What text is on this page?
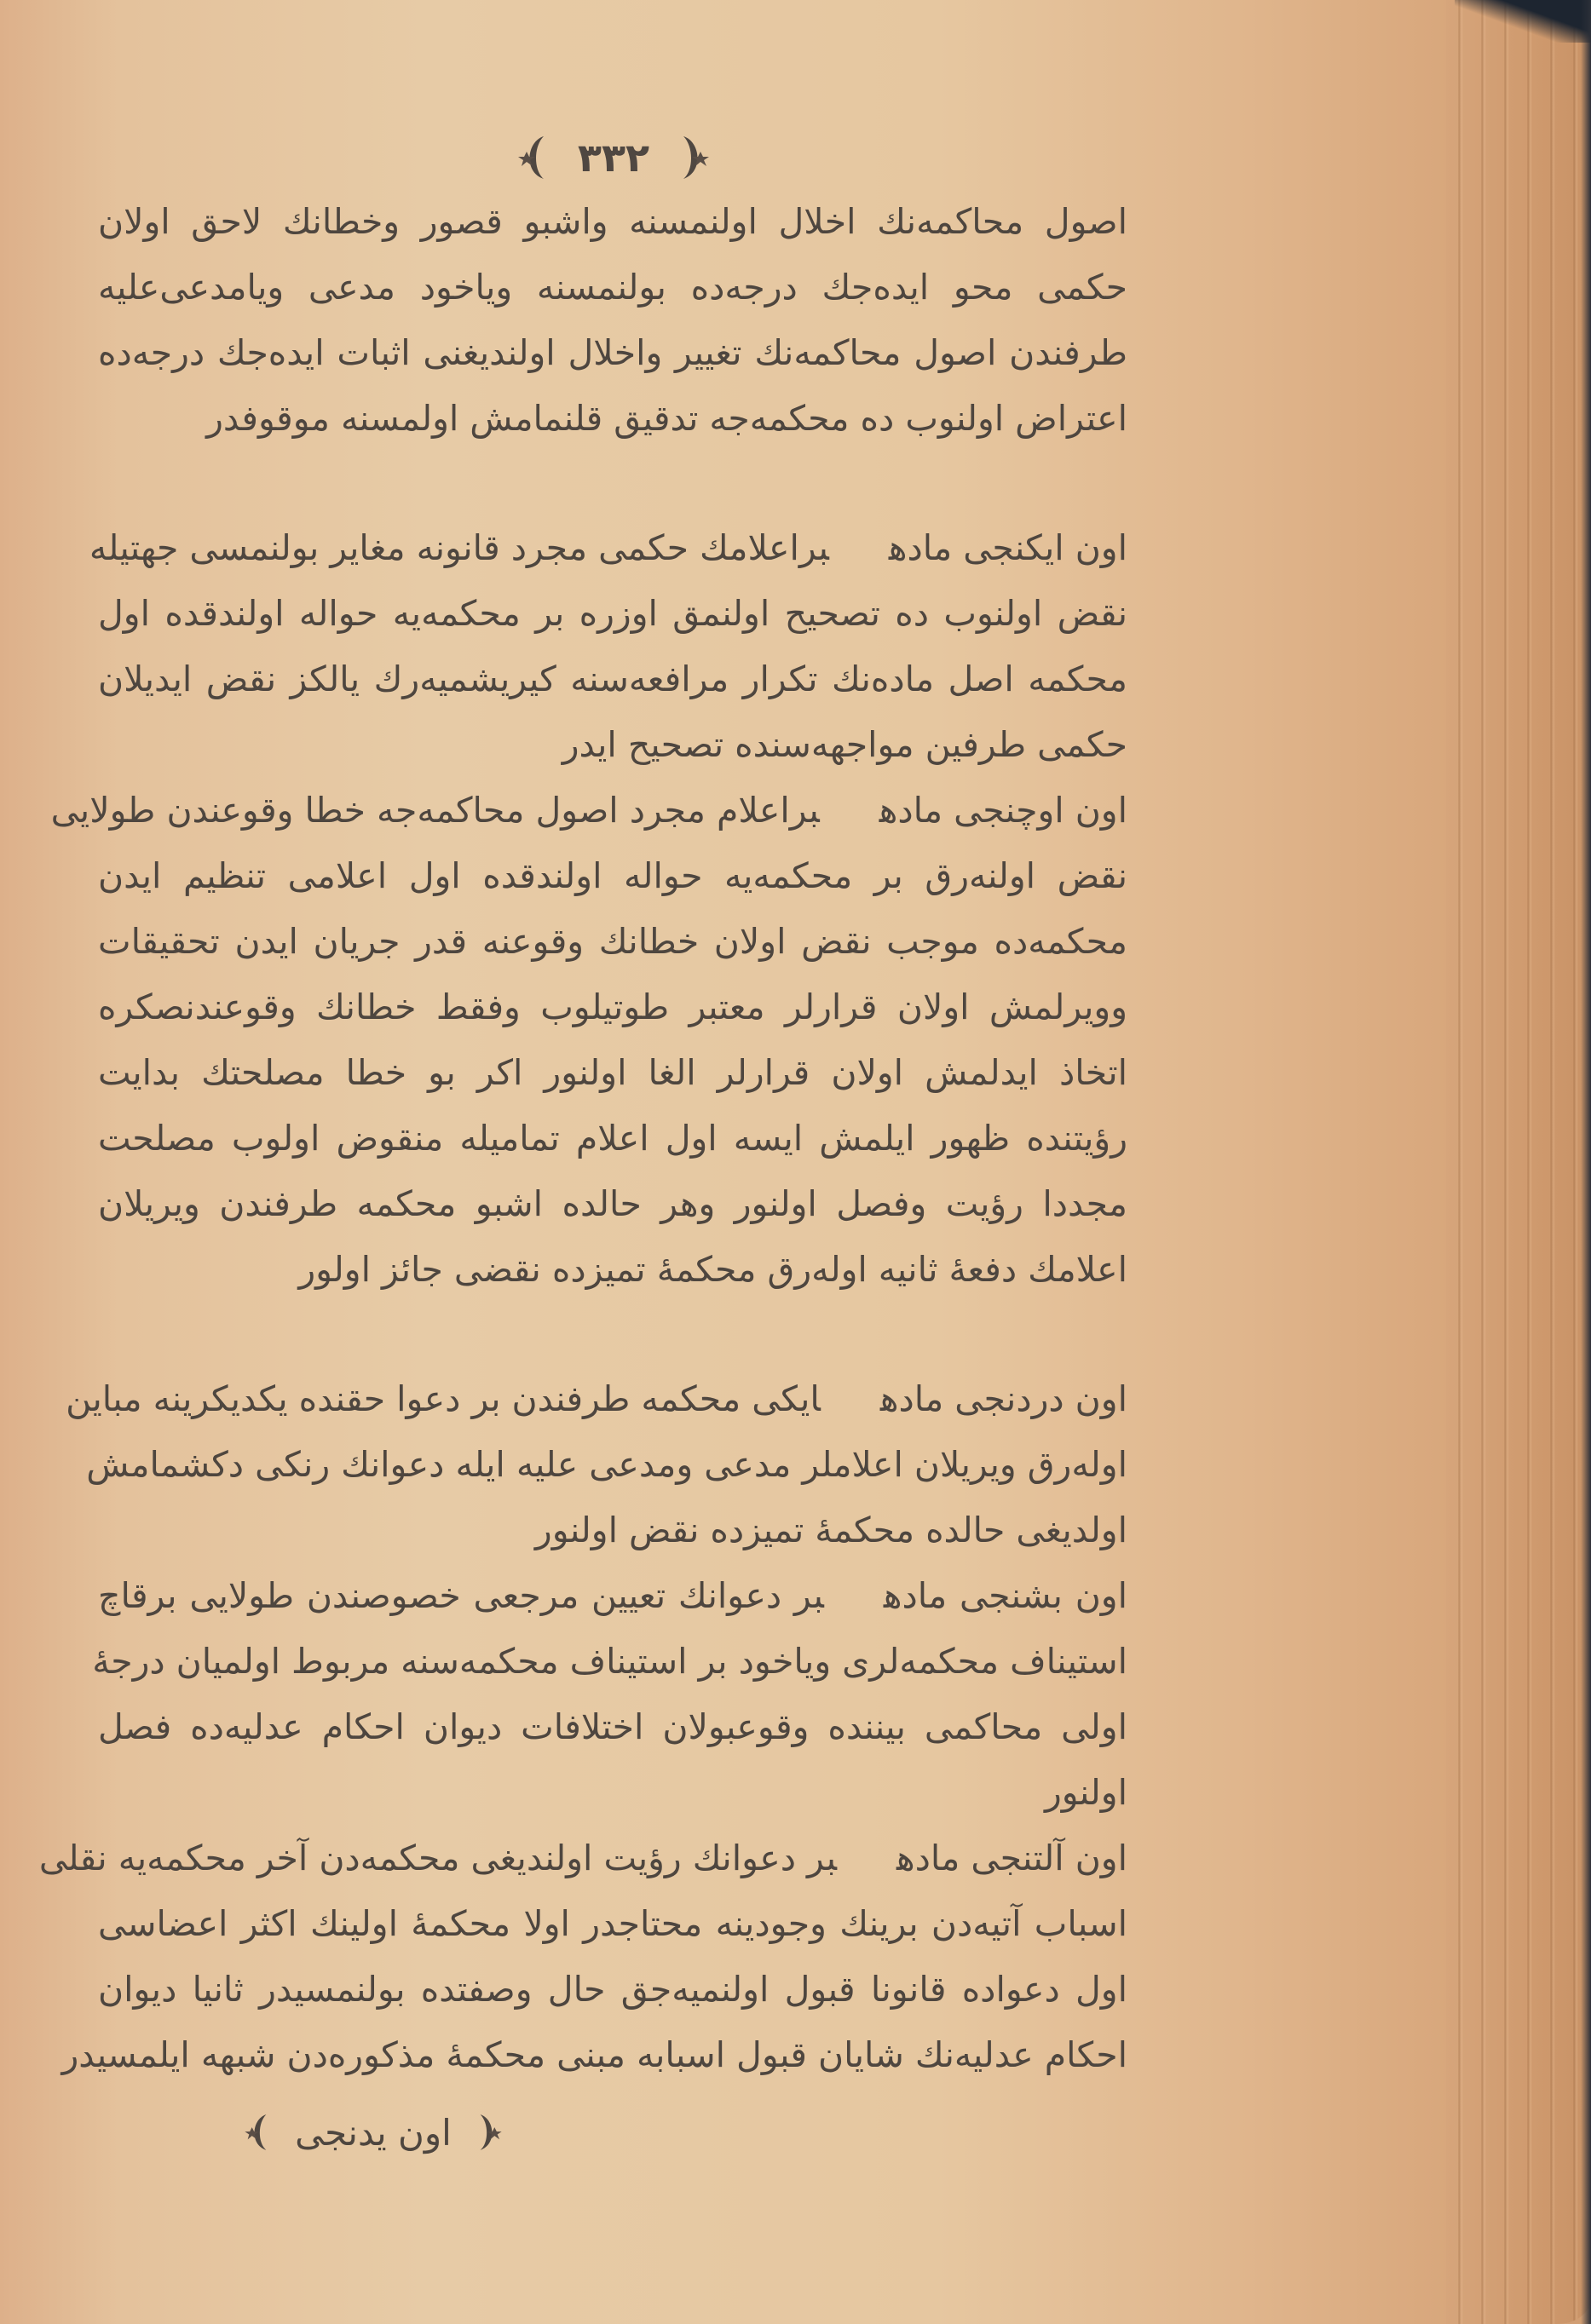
٣٣٢
اصول محاكمه‌نك اخلال اولنمسنه واشبو قصور وخطانك لاحق اولان
حكمی محو ایده‌جك درجه‌ده بولنمسنه ویاخود مدعی ویامدعی‌علیه
طرفندن اصول محاكمه‌نك تغییر واخلال اولندیغنی اثبات ایده‌جك درجه‌ده
اعتراض اولنوب ده محكمه‌جه تدقیق قلنمامش اولمسنه موقوفدر
اون ایكنجی مادهبراعلامك حكمی مجرد قانونه مغایر بولنمسی جهتیله
نقض اولنوب ده تصحیح اولنمق اوزره بر محكمه‌یه حواله اولندقده اول
محكمه اصل ماده‌نك تكرار مرافعه‌سنه كیریشمیه‌رك یالكز نقض ایدیلان
حكمی طرفین مواجهه‌سنده تصحیح ایدر
اون اوچنجی مادهبراعلام مجرد اصول محاكمه‌جه خطا وقوعندن طولایی
نقض اولنه‌رق بر محكمه‌یه حواله اولندقده اول اعلامی تنظیم ایدن
محكمه‌ده موجب نقض اولان خطانك وقوعنه قدر جریان ایدن تحقیقات
وویرلمش اولان قرارلر معتبر طوتیلوب وفقط خطانك وقوعندنصكره
اتخاذ ایدلمش اولان قرارلر الغا اولنور اكر بو خطا مصلحتك بدایت
رؤیتنده ظهور ایلمش ایسه اول اعلام تمامیله منقوض اولوب مصلحت
مجددا رؤیت وفصل اولنور وهر حالده اشبو محكمه طرفندن ویریلان
اعلامك دفعهٔ ثانیه اوله‌رق محكمهٔ تمیزده نقضی جائز اولور
اون دردنجی مادهایكی محكمه طرفندن بر دعوا حقنده یكدیكرینه مباین
اوله‌رق ویریلان اعلاملر مدعی ومدعی علیه ایله دعوانك رنكی دكشمامش
اولدیغی حالده محكمهٔ تمیزده نقض اولنور
اون بشنجی مادهبر دعوانك تعیین مرجعی خصوصندن طولایی برقاچ
استیناف محكمه‌لری ویاخود بر استیناف محكمه‌سنه مربوط اولمیان درجهٔ
اولی محاكمی بیننده وقوعبولان اختلافات دیوان احكام عدلیه‌ده فصل
اولنور
اون آلتنجی مادهبر دعوانك رؤیت اولندیغی محكمه‌دن آخر محكمه‌یه نقلی
اسباب آتیه‌دن برینك وجودینه محتاجدر اولا محكمهٔ اولینك اكثر اعضاسی
اول دعواده قانونا قبول اولنمیه‌جق حال وصفتده بولنمسیدر ثانیا دیوان
احكام عدلیه‌نك شایان قبول اسبابه مبنی محكمهٔ مذكوره‌دن شبهه ایلمسیدر
اون یدنجی
